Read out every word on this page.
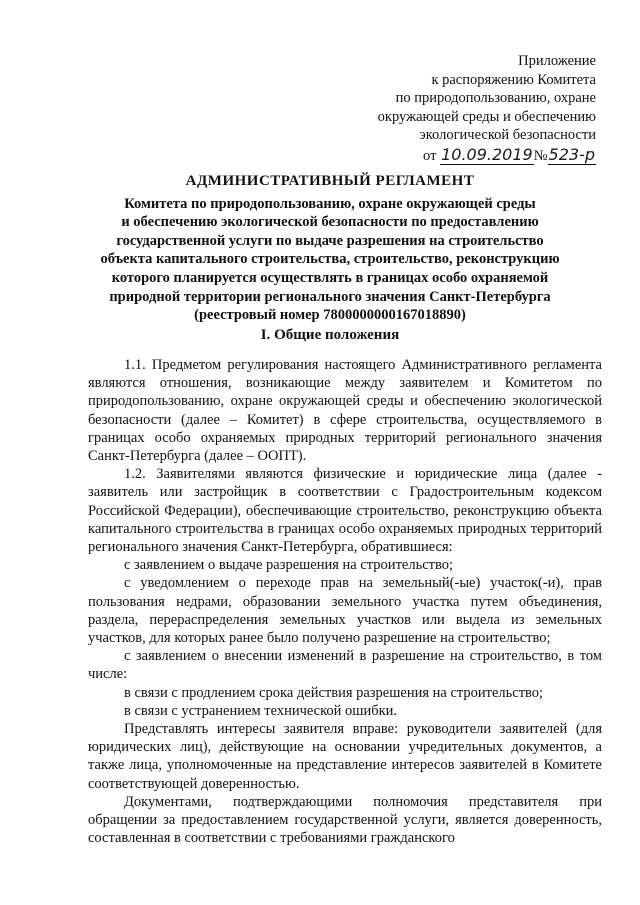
Приложение
к распоряжению Комитета
по природопользованию, охране
окружающей среды и обеспечению
экологической безопасности
от 10.09.2019№523-р
АДМИНИСТРАТИВНЫЙ РЕГЛАМЕНТ
Комитета по природопользованию, охране окружающей среды
и обеспечению экологической безопасности по предоставлению
государственной услуги по выдаче разрешения на строительство
объекта капитального строительства, строительство, реконструкцию
которого планируется осуществлять в границах особо охраняемой
природной территории регионального значения Санкт-Петербурга
(реестровый номер 7800000000167018890)
I. Общие положения

1.1. Предметом регулирования настоящего Административного регламента являются отношения, возникающие между заявителем и Комитетом по природопользованию, охране окружающей среды и обеспечению экологической безопасности (далее – Комитет) в сфере строительства, осуществляемого в границах особо охраняемых природных территорий регионального значения Санкт-Петербурга (далее – ООПТ).

1.2. Заявителями являются физические и юридические лица (далее - заявитель или застройщик в соответствии с Градостроительным кодексом Российской Федерации), обеспечивающие строительство, реконструкцию объекта капитального строительства в границах особо охраняемых природных территорий регионального значения Санкт-Петербурга, обратившиеся:

с заявлением о выдаче разрешения на строительство;

с уведомлением о переходе прав на земельный(-ые) участок(-и), прав пользования недрами, образовании земельного участка путем объединения, раздела, перераспределения земельных участков или выдела из земельных участков, для которых ранее было получено разрешение на строительство;

с заявлением о внесении изменений в разрешение на строительство, в том числе:

в связи с продлением срока действия разрешения на строительство;

в связи с устранением технической ошибки.

Представлять интересы заявителя вправе: руководители заявителей (для юридических лиц), действующие на основании учредительных документов, а также лица, уполномоченные на представление интересов заявителей в Комитете соответствующей доверенностью.

Документами, подтверждающими полномочия представителя при обращении за предоставлением государственной услуги, является доверенность, составленная в соответствии с требованиями гражданского
